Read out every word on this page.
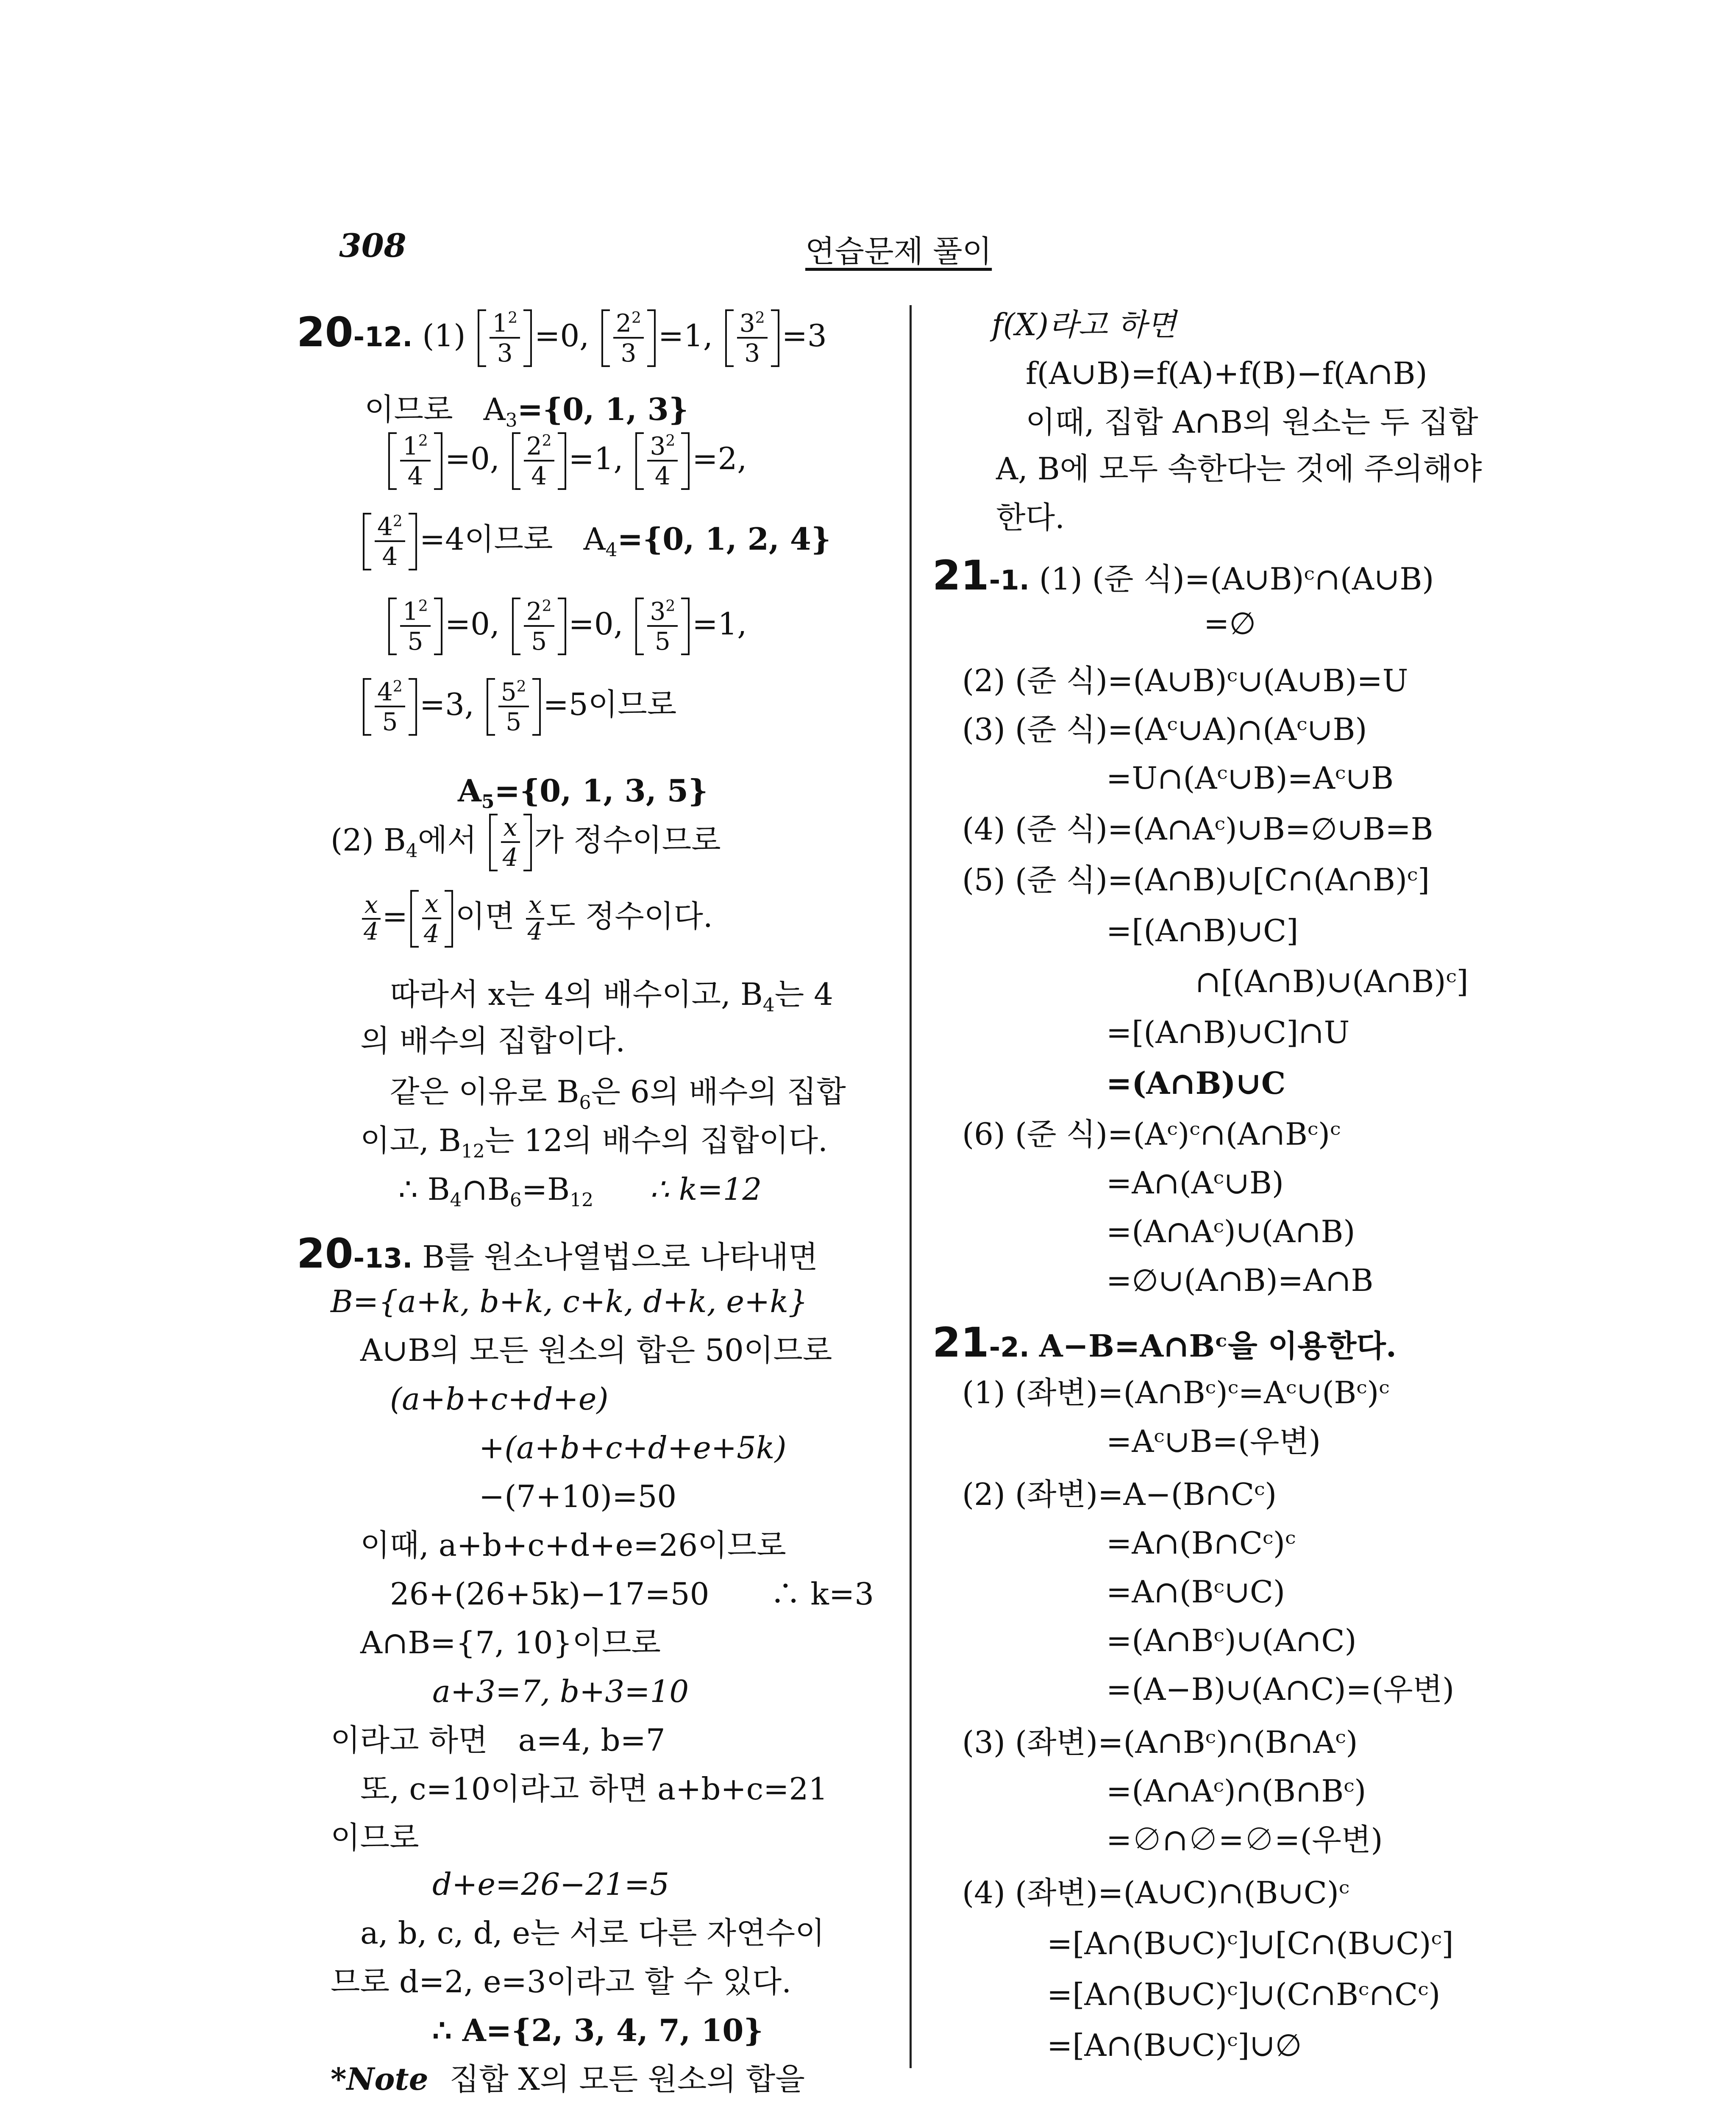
308	연습문제 풀이
20-12. (1) $1^2$
3 =0, $2^2$
3 =1, $3^2$
3 =3
이므로　$A_3=\{0$, 1, 3}
$1^2$
4 =0, $2^2$
4 =1, $3^2$
4 =2,
$4^2$
4 =4이므로　$A_4=\{0$, 1, 2, 4}
$1^2$
5 =0, $2^2$
5 =0, $3^2$
5 =1,
$4^2$
5 =3, $5^2$
5 =5이므로
$A_5=\{0$, 1, 3, 5}
(2) $B_4$에서 x
4 가 정수이므로
$\frac{x}{4} = x$
4 이면 $\frac{x}{4}$ 도 정수이다.
따라서 x는 4의 배수이고, $B_4$는 4
의 배수의 집합이다.
같은 이유로 $B_6$은 6의 배수의 집합
이고, $B_{12}$는 12의 배수의 집합이다.
∴ $B_4\cap B_6=B_{12}$ ∴ k=12
20-13. B를 원소나열법으로 나타내면
B={a+k, b+k, c+k, d+k, e+k}
A∪B의 모든 원소의 합은 50이므로
(a+b+c+d+e)
+(a+b+c+d+e+5k)
−(7+10)=50
이때, a+b+c+d+e=26이므로
26+(26+5k)−17=50　　∴ k=3
A∩B={7, 10}이므로
a+3=7, b+3=10
이라고 하면　a=4, b=7
또, c=10이라고 하면 a+b+c=21
이므로
d+e=26−21=5
a, b, c, d, e는 서로 다른 자연수이
므로 d=2, e=3이라고 할 수 있다.
∴ A={2, 3, 4, 7, 10}
*Note 집합 X의 모든 원소의 합을
f(X)라고 하면
f(A∪B)=f(A)+f(B)−f(A∩B)
이때, 집합 A∩B의 원소는 두 집합
A, B에 모두 속한다는 것에 주의해야
한다.
21-1. (1) (준 식)=(A∪B)ᶜ∩(A∪B)
=∅
(2) (준 식)=(A∪B)ᶜ∪(A∪B)=U
(3) (준 식)=(Aᶜ∪A)∩(Aᶜ∪B)
=U∩(Aᶜ∪B)=Aᶜ∪B
(4) (준 식)=(A∩Aᶜ)∪B=∅∪B=B
(5) (준 식)=(A∩B)∪[C∩(A∩B)ᶜ]
=[(A∩B)∪C]
∩[(A∩B)∪(A∩B)ᶜ]
=[(A∩B)∪C]∩U
=(A∩B)∪C
(6) (준 식)=(Aᶜ)ᶜ∩(A∩Bᶜ)ᶜ
=A∩(Aᶜ∪B)
=(A∩Aᶜ)∪(A∩B)
=∅∪(A∩B)=A∩B
21-2. A−B=A∩Bᶜ을 이용한다.
(1) (좌변)=(A∩Bᶜ)ᶜ=Aᶜ∪(Bᶜ)ᶜ
=Aᶜ∪B=(우변)
(2) (좌변)=A−(B∩Cᶜ)
=A∩(B∩Cᶜ)ᶜ
=A∩(Bᶜ∪C)
=(A∩Bᶜ)∪(A∩C)
=(A−B)∪(A∩C)=(우변)
(3) (좌변)=(A∩Bᶜ)∩(B∩Aᶜ)
=(A∩Aᶜ)∩(B∩Bᶜ)
=∅∩∅=∅=(우변)
(4) (좌변)=(A∪C)∩(B∪C)ᶜ
=[A∩(B∪C)ᶜ]∪[C∩(B∪C)ᶜ]
=[A∩(B∪C)ᶜ]∪(C∩Bᶜ∩Cᶜ)
=[A∩(B∪C)ᶜ]∪∅
